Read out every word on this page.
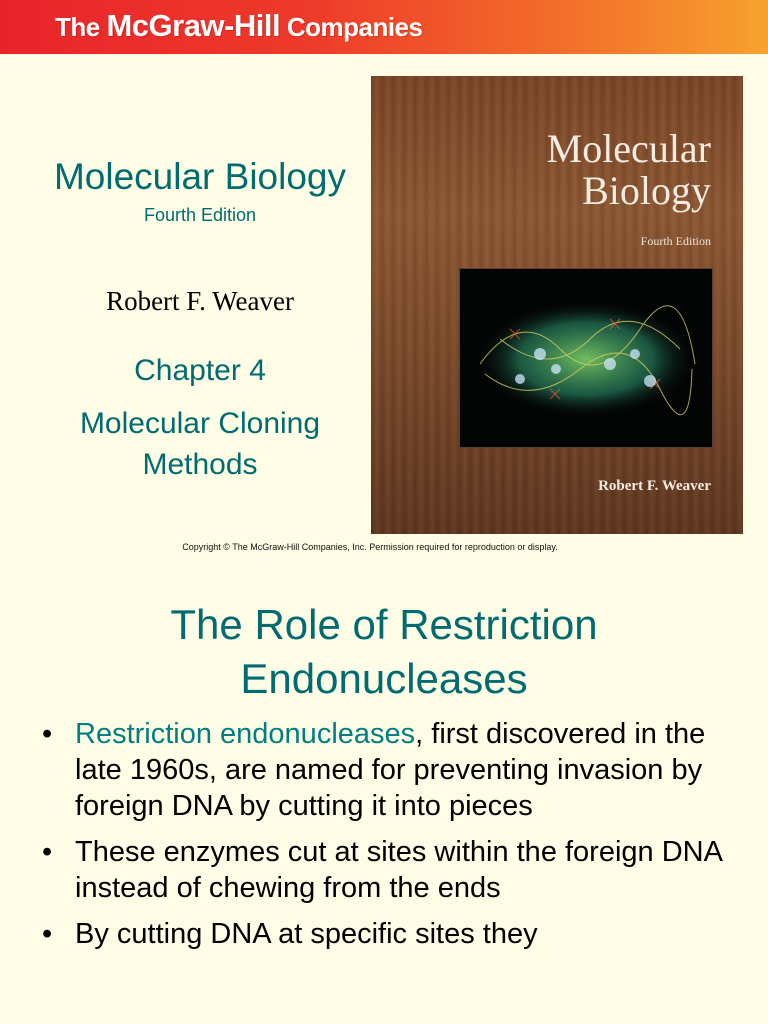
The McGraw-Hill Companies
Molecular Biology
Fourth Edition
Robert F. Weaver
Chapter 4
Molecular Cloning
Methods
Molecular
Biology
Fourth Edition
Robert F. Weaver
Copyright © The McGraw-Hill Companies, Inc. Permission required for reproduction or display.
The Role of Restriction
Endonucleases
• Restriction endonucleases, first discovered in the late 1960s, are named for preventing invasion by foreign DNA by cutting it into pieces
• These enzymes cut at sites within the foreign DNA instead of chewing from the ends
• By cutting DNA at specific sites they
